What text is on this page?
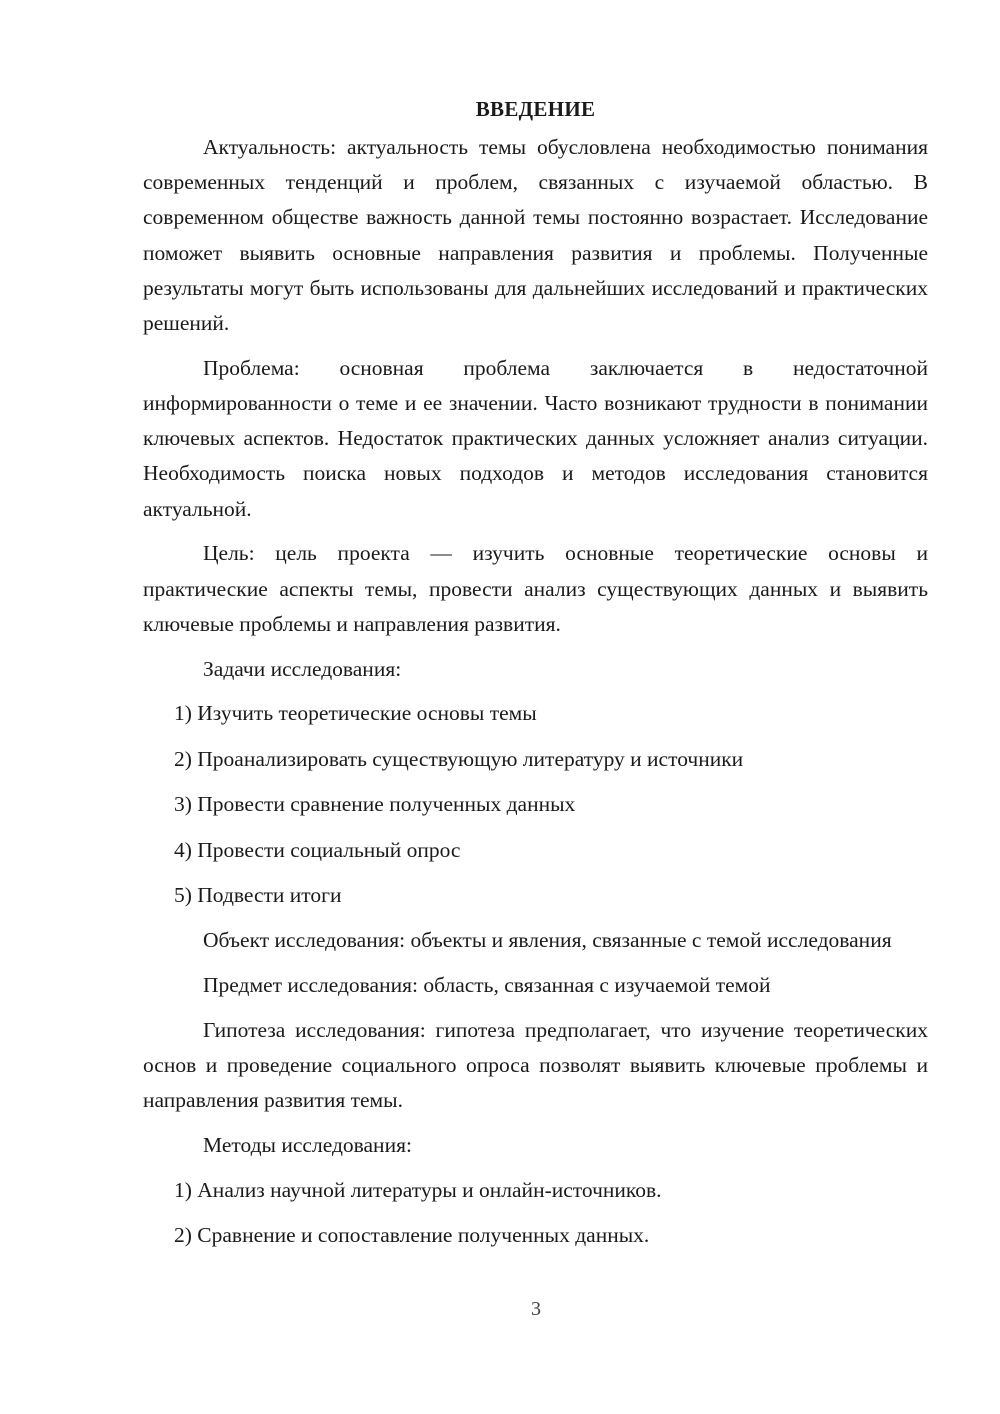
ВВЕДЕНИЕ

Актуальность: актуальность темы обусловлена необходимостью понимания современных тенденций и проблем, связанных с изучаемой областью. В современном обществе важность данной темы постоянно возрастает. Исследование поможет выявить основные направления развития и проблемы. Полученные результаты могут быть использованы для дальнейших исследований и практических решений.

Проблема: основная проблема заключается в недостаточной информированности о теме и ее значении. Часто возникают трудности в понимании ключевых аспектов. Недостаток практических данных усложняет анализ ситуации. Необходимость поиска новых подходов и методов исследования становится актуальной.

Цель: цель проекта — изучить основные теоретические основы и практические аспекты темы, провести анализ существующих данных и выявить ключевые проблемы и направления развития.

Задачи исследования:

1) Изучить теоретические основы темы

2) Проанализировать существующую литературу и источники

3) Провести сравнение полученных данных

4) Провести социальный опрос

5) Подвести итоги

Объект исследования: объекты и явления, связанные с темой исследования

Предмет исследования: область, связанная с изучаемой темой

Гипотеза исследования: гипотеза предполагает, что изучение теоретических основ и проведение социального опроса позволят выявить ключевые проблемы и направления развития темы.

Методы исследования:

1) Анализ научной литературы и онлайн-источников.

2) Сравнение и сопоставление полученных данных.

3
